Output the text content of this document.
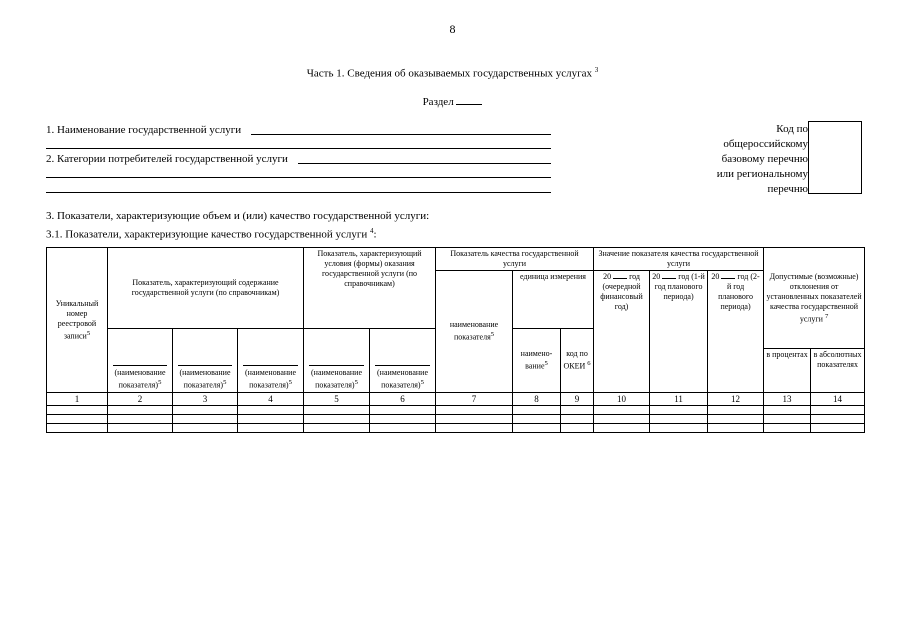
8
Часть 1. Сведения об оказываемых государственных услугах $^3$
Раздел
1. Наименование государственной услуги
2. Категории потребителей государственной услуги
Код по
общероссийскому
базовому перечню
или региональному
перечню
3. Показатели, характеризующие объем и (или) качество государственной услуги:
3.1. Показатели, характеризующие качество государственной услуги $^4$:
Уникальный номер реестровой записи$^5$	Показатель, характеризующий содержание государственной услуги (по справочникам)			Показатель, характеризующий условия (формы) оказания государственной услуги (по справочникам)		Показатель качества государственной услуги			Значение показателя качества государственной услуги			Допустимые (возможные) отклонения от установленных показателей качества государственной услуги $^7$
						наименование показателя$^5$	единица измерения		20 год (очередной финансовый год)	20 год (1-й год планового периода)	20 год (2-й год планового периода)		

(наименование показателя)$^5$	(наименование показателя)$^5$	(наименование показателя)$^5$	(наименование показателя)$^5$	(наименование показателя)$^5$		наимено-вание$^5$	код по ОКЕИ $^6$
												в процентах	в абсолютных показателях
1	2	3	4	5	6	7	8	9	10	11	12	13	14
